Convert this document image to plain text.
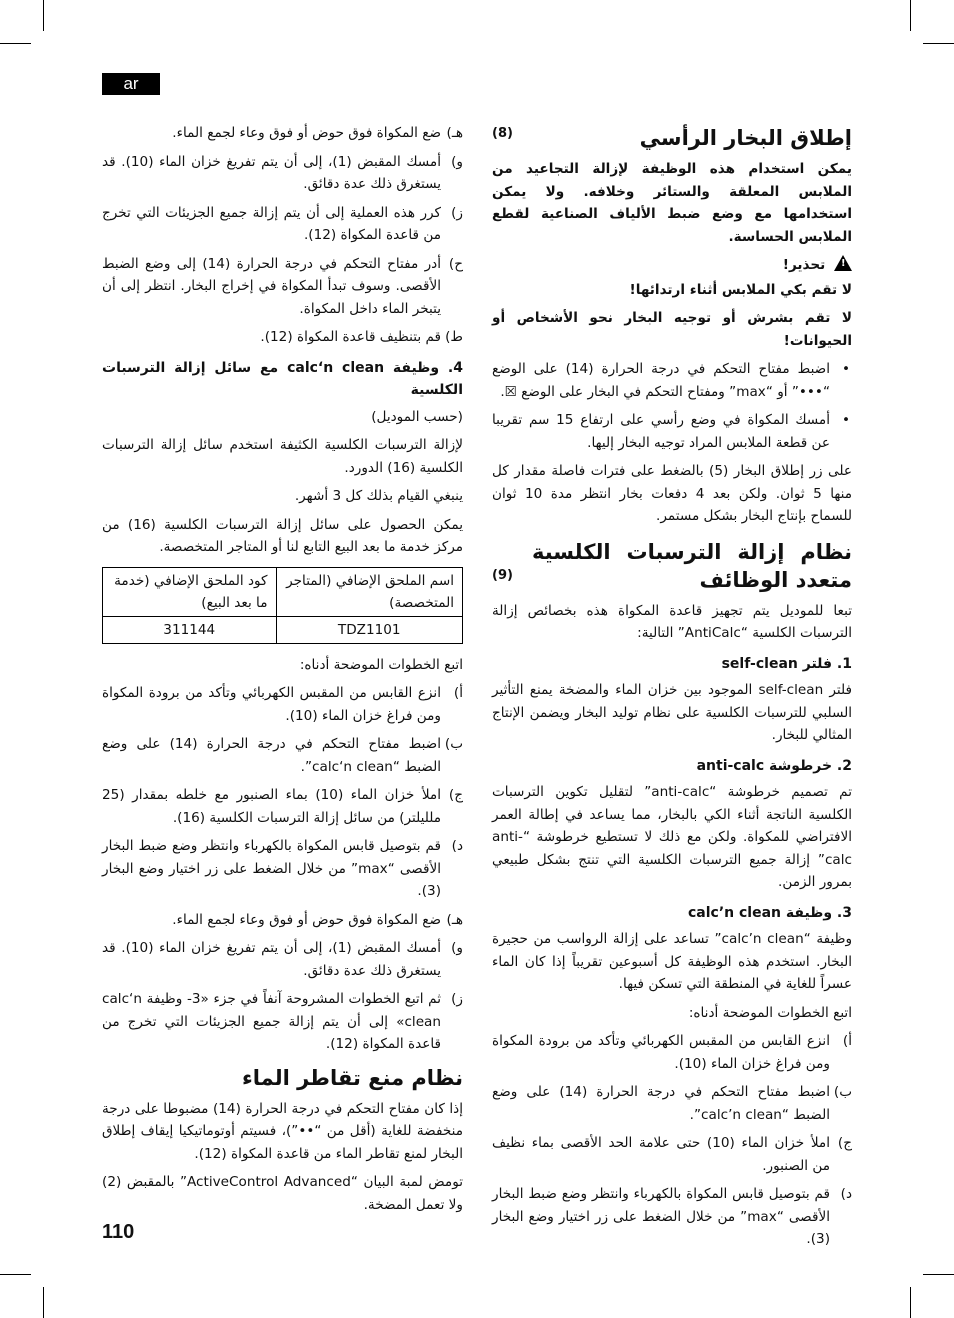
ar
إطلاق البخار الرأسي
(8)

يمكن استخدام هذه الوظيفة لإزالة التجاعيد من الملابس المعلقة والستائر وخلافه. ولا يمكن استخدامها مع وضع ضبط الألياف الصناعية لقطع الملابس الحساسة.

! تحذير!

لا تقم بكي الملابس أثناء ارتدائها!

لا تقم بشرش أو توجيه البخار نحو الأشخاص أو الحيوانات!

• اضبط مفتاح التحكم في درجة الحرارة (14) على الوضع “•••” أو “max” ومفتاح التحكم في البخار على الوضع ☒.
• أمسك المكواة في وضع رأسي على ارتفاع 15 سم تقريبا عن قطعة الملابس المراد توجيه البخار إليها.

على زر إطلاق البخار (5) بالضغط على فترات فاصلة مقدار كل منها 5 ثوان. ولكن بعد 4 دفعات بخار انتظر مدة 10 ثوان للسماح بإنتاج البخار بشكل مستمر.

نظام إزالة الترسبات الكلسية متعدد الوظائف
(9)

تبعا للموديل يتم تجهيز قاعدة المكواة هذه بخصائص إزالة الترسبات الكلسية “AntiCalc” التالية:

1. فلتر self-clean

فلتر self-clean الموجود بين خزان الماء والمضخة يمنع التأثير السلبي للترسبات الكلسية على نظام توليد البخار ويضمن الإنتاج المثالي للبخار.

2. خرطوشة anti-calc

تم تصميم خرطوشة “anti-calc” لتقليل تكوين الترسبات الكلسية الناتجة أثناء الكي بالبخار، مما يساعد في إطالة العمر الافتراضي للمكواة. ولكن مع ذلك لا تستطيع خرطوشة “anti-calc” إزالة جميع الترسبات الكلسية التي تنتج بشكل طبيعي بمرور الزمن.

3. وظيفة calc’n clean

وظيفة “calc’n clean” تساعد على إزالة الرواسب من حجيرة البخار. استخدم هذه الوظيفة كل أسبوعين تقريباً إذا كان الماء عسراً للغاية في المنطقة التي تسكن فيها.

اتبع الخطوات الموضحة أدناه:

أ)
انزع القابس من المقبس الكهربائي وتأكد من برودة المكواة ومن فراغ خزان الماء (10).
ب)
اضبط مفتاح التحكم في درجة الحرارة (14) على وضع الضبط “calc’n clean”.
ج)
املأ خزان الماء (10) حتى علامة الحد الأقصى بماء نظيف من الصنبور.
د)
قم بتوصيل قابس المكواة بالكهرباء وانتظر وضع ضبط البخار الأقصى “max” من خلال الضغط على زر اختيار وضع البخار (3).
هـ)
ضع المكواة فوق حوض أو فوق وعاء لجمع الماء.
و)
أمسك المقبض (1)، إلى أن يتم تفريغ خزان الماء (10). قد يستغرق ذلك عدة دقائق.
ز)
كرر هذه العملية إلى أن يتم إزالة جميع الجزيئات التي تخرج من قاعدة المكواة (12).
ح)
أدر مفتاح التحكم في درجة الحرارة (14) إلى وضع الضبط الأقصى. وسوف تبدأ المكواة في إخراج البخار. انتظر إلى أن يتبخر الماء داخل المكواة.
ط)
قم بتنظيف قاعدة المكواة (12).
4. وظيفة calc‘n clean مع سائل إزالة الترسبات الكلسية

(حسب الموديل)

لإزالة الترسبات الكلسية الكثيفة استخدم سائل إزالة الترسبات الكلسية (16) الدورد.

ينبغي القيام بذلك كل 3 أشهر.

يمكن الحصول على سائل إزالة الترسبات الكلسية (16) من مركز خدمة ما بعد البيع التابع لنا أو المتاجر المتخصصة.

اسم الملحق الإضافي (المتاجر المتخصصة)	كود الملحق الإضافي (خدمة ما بعد البيع)
TDZ1101	311144

اتبع الخطوات الموضحة أدناه:

أ)
انزع القابس من المقبس الكهربائي وتأكد من برودة المكواة ومن فراغ خزان الماء (10).
ب)
اضبط مفتاح التحكم في درجة الحرارة (14) على وضع الضبط “calc‘n clean”.
ج)
املأ خزان الماء (10) بماء الصنبور مع خلطه بمقدار (25 ملليلتر) من سائل إزالة الترسبات الكلسية (16).
د)
قم بتوصيل قابس المكواة بالكهرباء وانتظر وضع ضبط البخار الأقصى “max” من خلال الضغط على زر اختيار وضع البخار (3).
هـ)
ضع المكواة فوق حوض أو فوق وعاء لجمع الماء.
و)
أمسك المقبض (1)، إلى أن يتم تفريغ خزان الماء (10). قد يستغرق ذلك عدة دقائق.
ز)
ثم اتبع الخطوات المشروحة آنفاً في جزء «3- وظيفة calc‘n clean» إلى أن يتم إزالة جميع الجزيئات التي تخرج من قاعدة المكواة (12).
نظام منع تقاطر الماء

إذا كان مفتاح التحكم في درجة الحرارة (14) مضبوطا على درجة منخفضة للغاية (أقل من “••”)، فسيتم أوتوماتيكيا إيقاف إطلاق البخار لمنع تقاطر الماء من قاعدة المكواة (12).

تومض لمبة البيان “ActiveControl Advanced” بالمقبض (2) ولا تعمل المضخة.

110
